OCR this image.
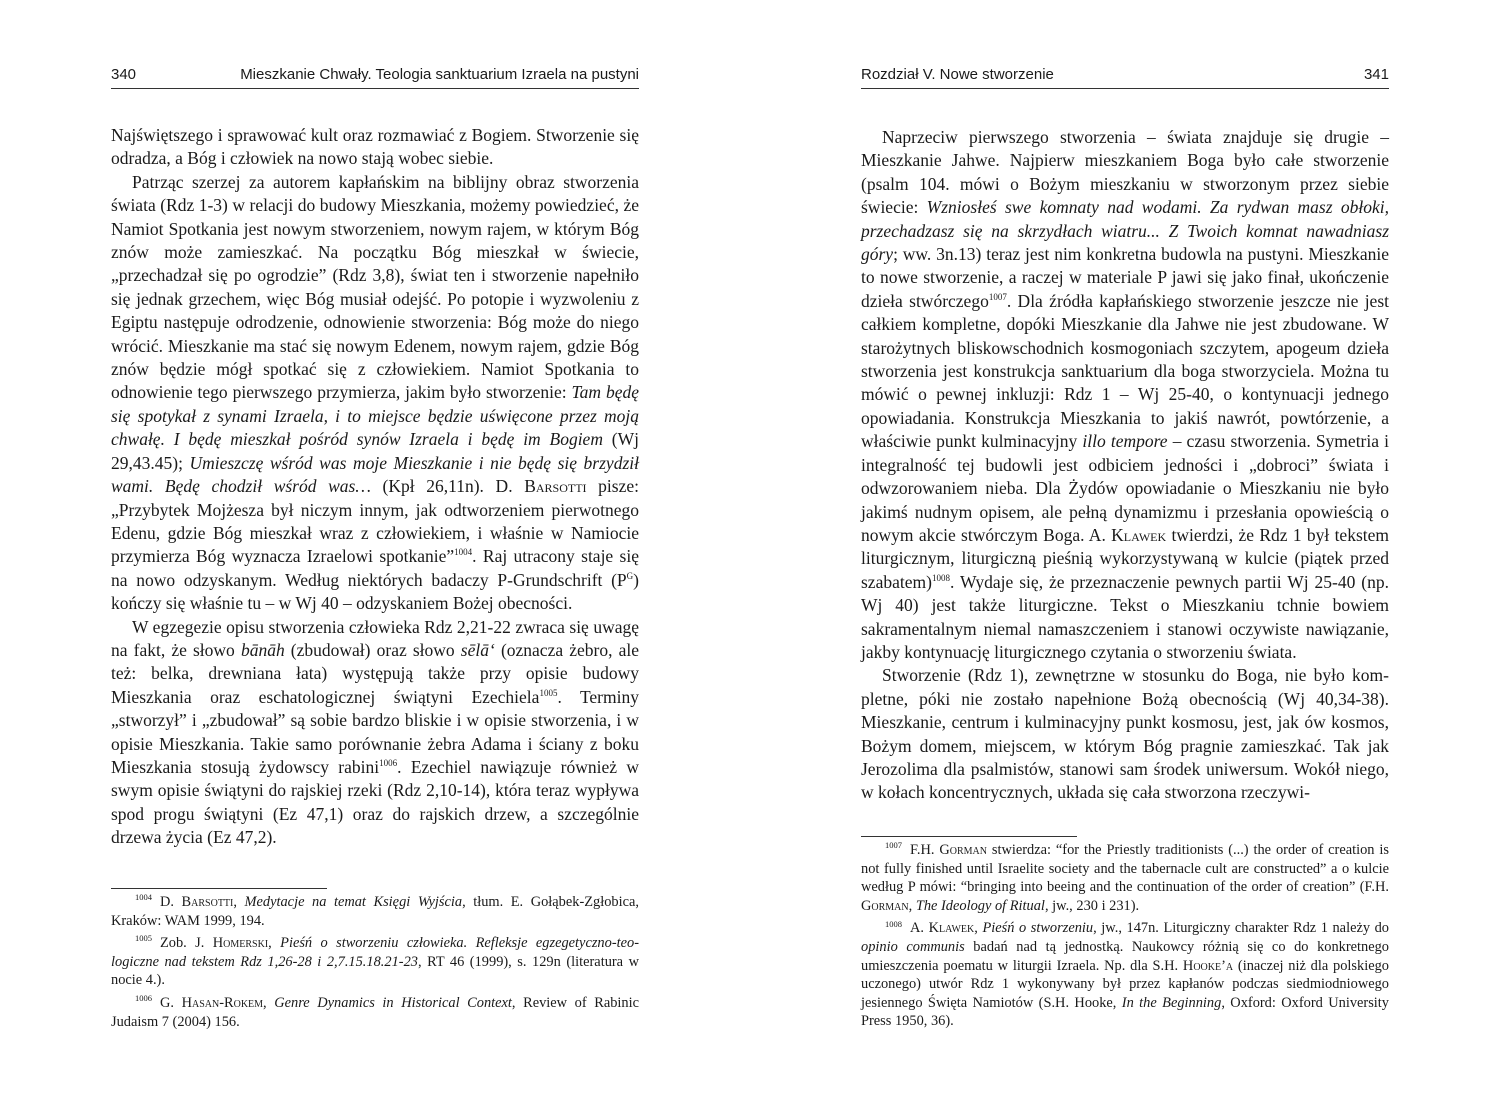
340	Mieszkanie Chwały. Teologia sanktuarium Izraela na pustyni

Najświętszego i sprawować kult oraz rozmawiać z Bogiem. Stworzenie się odradza, a Bóg i człowiek na nowo stają wobec siebie.

Patrząc szerzej za autorem kapłańskim na biblijny obraz stworzenia świata (Rdz 1-3) w relacji do budowy Mieszkania, możemy powiedzieć, że Namiot Spotkania jest nowym stworzeniem, nowym rajem, w którym Bóg znów może zamieszkać. Na początku Bóg mieszkał w świecie, „przechadzał się po ogrodzie” (Rdz 3,8), świat ten i stworzenie napełniło się jednak grzechem, więc Bóg musiał odejść. Po potopie i wyzwoleniu z Egiptu następuje odrodzenie, odnowienie stworzenia: Bóg może do niego wrócić. Mieszkanie ma stać się nowym Edenem, nowym rajem, gdzie Bóg znów będzie mógł spotkać się z człowiekiem. Namiot Spotkania to odnowienie tego pierwszego przymierza, jakim było stworzenie: Tam będę się spotykał z synami Izraela, i to miejsce będzie uświęcone przez moją chwałę. I będę mieszkał pośród synów Izraela i będę im Bogiem (Wj 29,43.45); Umieszczę wśród was moje Mieszkanie i nie będę się brzydził wami. Będę chodził wśród was… (Kpł 26,11n). D. Barsotti pisze: „Przybytek Mojżesza był niczym innym, jak odtworzeniem pierwotnego Edenu, gdzie Bóg mieszkał wraz z człowiekiem, i właśnie w Namiocie przymierza Bóg wyznacza Izraelowi spotkanie”$^{1004}$. Raj utracony staje się na nowo odzyskanym. Według niektórych badaczy P-Grundschrift (P$^G$) kończy się właśnie tu – w Wj 40 – odzyskaniem Bożej obecności.

W egzegezie opisu stworzenia człowieka Rdz 2,21-22 zwraca się uwagę na fakt, że słowo bānāh (zbudował) oraz słowo sēlā‘ (oznacza żebro, ale też: belka, drewniana łata) występują także przy opisie budowy Mieszkania oraz eschatologicznej świątyni Ezechiela$^{1005}$. Terminy „stworzył” i „zbudował” są sobie bardzo bliskie i w opisie stworzenia, i w opisie Mieszkania. Takie samo porównanie żebra Adama i ściany z boku Mieszkania stosują żydowscy rabini$^{1006}$. Ezechiel nawiązuje również w swym opisie świątyni do rajskiej rzeki (Rdz 2,10-14), która teraz wypływa spod progu świątyni (Ez 47,1) oraz do rajskich drzew, a szczególnie drzewa życia (Ez 47,2).

$^{1004}$ D. Barsotti, Medytacje na temat Księgi Wyjścia, tłum. E. Gołąbek-Zgłobica, Kraków: WAM 1999, 194.

$^{1005}$ Zob. J. Homerski, Pieśń o stworzeniu człowieka. Refleksje egzegetyczno-teologiczne nad tekstem Rdz 1,26-28 i 2,7.15.18.21-23, RT 46 (1999), s. 129n (literatura w nocie 4.).

$^{1006}$ G. Hasan-Rokem, Genre Dynamics in Historical Context, Review of Rabinic Judaism 7 (2004) 156.

Rozdział V. Nowe stworzenie	341

Naprzeciw pierwszego stworzenia – świata znajduje się drugie – Mieszkanie Jahwe. Najpierw mieszkaniem Boga było całe stworzenie (psalm 104. mówi o Bożym mieszkaniu w stworzonym przez siebie świecie: Wzniosłeś swe komnaty nad wodami. Za rydwan masz obłoki, przechadzasz się na skrzydłach wiatru... Z Twoich komnat nawadniasz góry; ww. 3n.13) teraz jest nim konkretna budowla na pustyni. Mieszkanie to nowe stworzenie, a raczej w materiale P jawi się jako finał, ukończenie dzieła stwórczego$^{1007}$. Dla źródła kapłańskiego stworzenie jeszcze nie jest całkiem kompletne, dopóki Mieszkanie dla Jahwe nie jest zbudowane. W starożytnych bliskowschodnich kosmogoniach szczytem, apogeum dzieła stworzenia jest konstrukcja sanktuarium dla boga stworzyciela. Można tu mówić o pewnej inkluzji: Rdz 1 – Wj 25-40, o kontynuacji jednego opowiadania. Konstrukcja Mieszkania to jakiś nawrót, powtórzenie, a właściwie punkt kulminacyjny illo tempore – czasu stworzenia. Symetria i integralność tej budowli jest odbiciem jedności i „dobroci” świata i odwzorowaniem nieba. Dla Żydów opowiadanie o Mieszkaniu nie było jakimś nudnym opisem, ale pełną dynamizmu i przesłania opowieścią o nowym akcie stwórczym Boga. A. Klawek twierdzi, że Rdz 1 był tekstem liturgicznym, liturgiczną pieśnią wykorzystywaną w kulcie (piątek przed szabatem)$^{1008}$. Wydaje się, że przeznaczenie pewnych partii Wj 25-40 (np. Wj 40) jest także liturgiczne. Tekst o Mieszkaniu tchnie bowiem sakramentalnym niemal namaszczeniem i stanowi oczywiste nawiązanie, jakby kontynuację liturgicznego czytania o stworzeniu świata.

Stworzenie (Rdz 1), zewnętrzne w stosunku do Boga, nie było kompletne, póki nie zostało napełnione Bożą obecnością (Wj 40,34-38). Mieszkanie, centrum i kulminacyjny punkt kosmosu, jest, jak ów kosmos, Bożym domem, miejscem, w którym Bóg pragnie zamieszkać. Tak jak Jerozolima dla psalmistów, stanowi sam środek uniwersum. Wokół niego, w kołach koncentrycznych, układa się cała stworzona rzeczywi-

$^{1007}$ F.H. Gorman stwierdza: “for the Priestly traditionists (...) the order of creation is not fully finished until Israelite society and the tabernacle cult are constructed” a o kulcie według P mówi: “bringing into beeing and the continuation of the order of creation” (F.H. Gorman, The Ideology of Ritual, jw., 230 i 231).

$^{1008}$ A. Klawek, Pieśń o stworzeniu, jw., 147n. Liturgiczny charakter Rdz 1 należy do opinio communis badań nad tą jednostką. Naukowcy różnią się co do konkretnego umieszczenia poematu w liturgii Izraela. Np. dla S.H. Hooke’a (inaczej niż dla polskiego uczonego) utwór Rdz 1 wykonywany był przez kapłanów podczas siedmiodniowego jesiennego Święta Namiotów (S.H. Hooke, In the Beginning, Oxford: Oxford University Press 1950, 36).
